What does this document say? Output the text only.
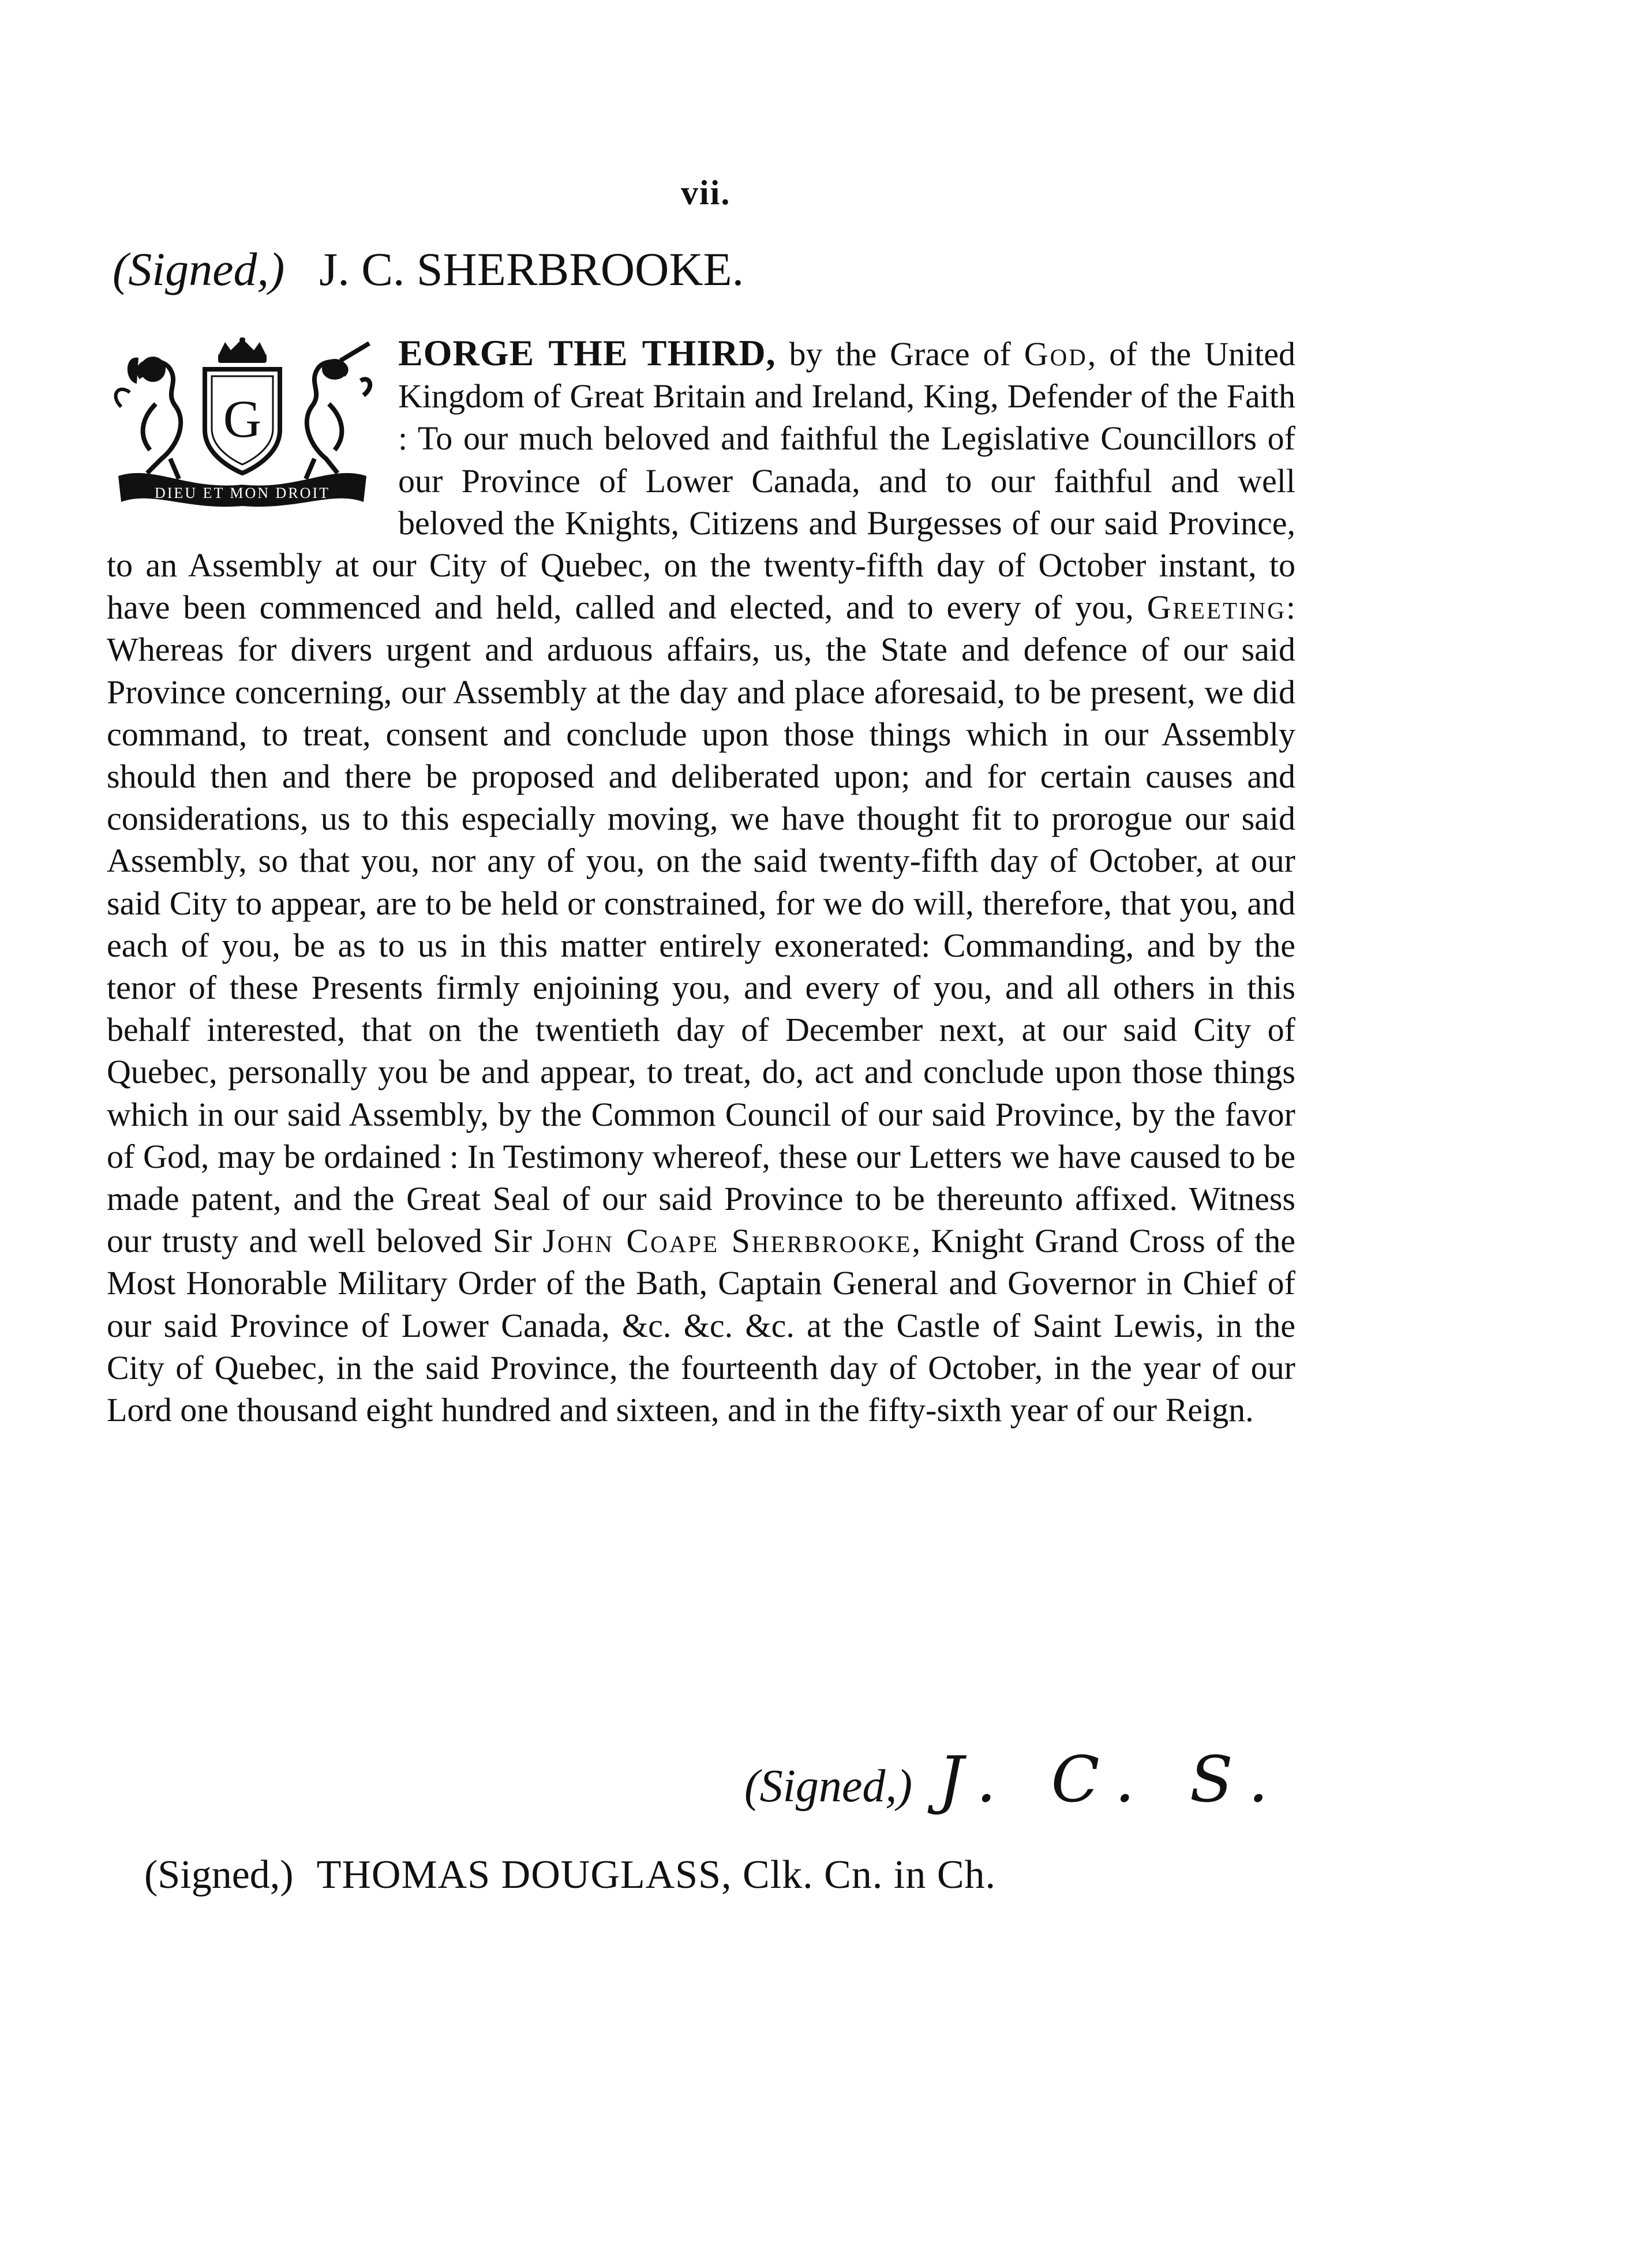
vii.
(Signed,) J. C. SHERBROOKE.
G
DIEU ET MON DROIT
EORGE THE THIRD, by the Grace of God, of the United Kingdom of Great Britain and Ireland, King, Defender of the Faith : To our much beloved and faithful the Legislative Councillors of our Province of Lower Canada, and to our faithful and well beloved the Knights, Citizens and Burgesses of our said Province, to an Assembly at our City of Quebec, on the twenty-fifth day of October instant, to have been commenced and held, called and elected, and to every of you, Greeting: Whereas for divers urgent and arduous affairs, us, the State and defence of our said Province concerning, our Assembly at the day and place aforesaid, to be present, we did command, to treat, consent and conclude upon those things which in our Assembly should then and there be proposed and deliberated upon; and for certain causes and considerations, us to this especially moving, we have thought fit to prorogue our said Assembly, so that you, nor any of you, on the said twenty-fifth day of October, at our said City to appear, are to be held or constrained, for we do will, therefore, that you, and each of you, be as to us in this matter entirely exonerated: Commanding, and by the tenor of these Presents firmly enjoining you, and every of you, and all others in this behalf interested, that on the twentieth day of December next, at our said City of Quebec, personally you be and appear, to treat, do, act and conclude upon those things which in our said Assembly, by the Common Council of our said Province, by the favor of God, may be ordained : In Testimony whereof, these our Letters we have caused to be made patent, and the Great Seal of our said Province to be thereunto affixed. Witness our trusty and well beloved Sir John Coape Sherbrooke, Knight Grand Cross of the Most Honorable Military Order of the Bath, Captain General and Governor in Chief of our said Province of Lower Canada, &c. &c. &c. at the Castle of Saint Lewis, in the City of Quebec, in the said Province, the fourteenth day of October, in the year of our Lord one thousand eight hundred and sixteen, and in the fifty-sixth year of our Reign.
(Signed,) J. C. S.
(Signed,) THOMAS DOUGLASS, Clk. Cn. in Ch.
